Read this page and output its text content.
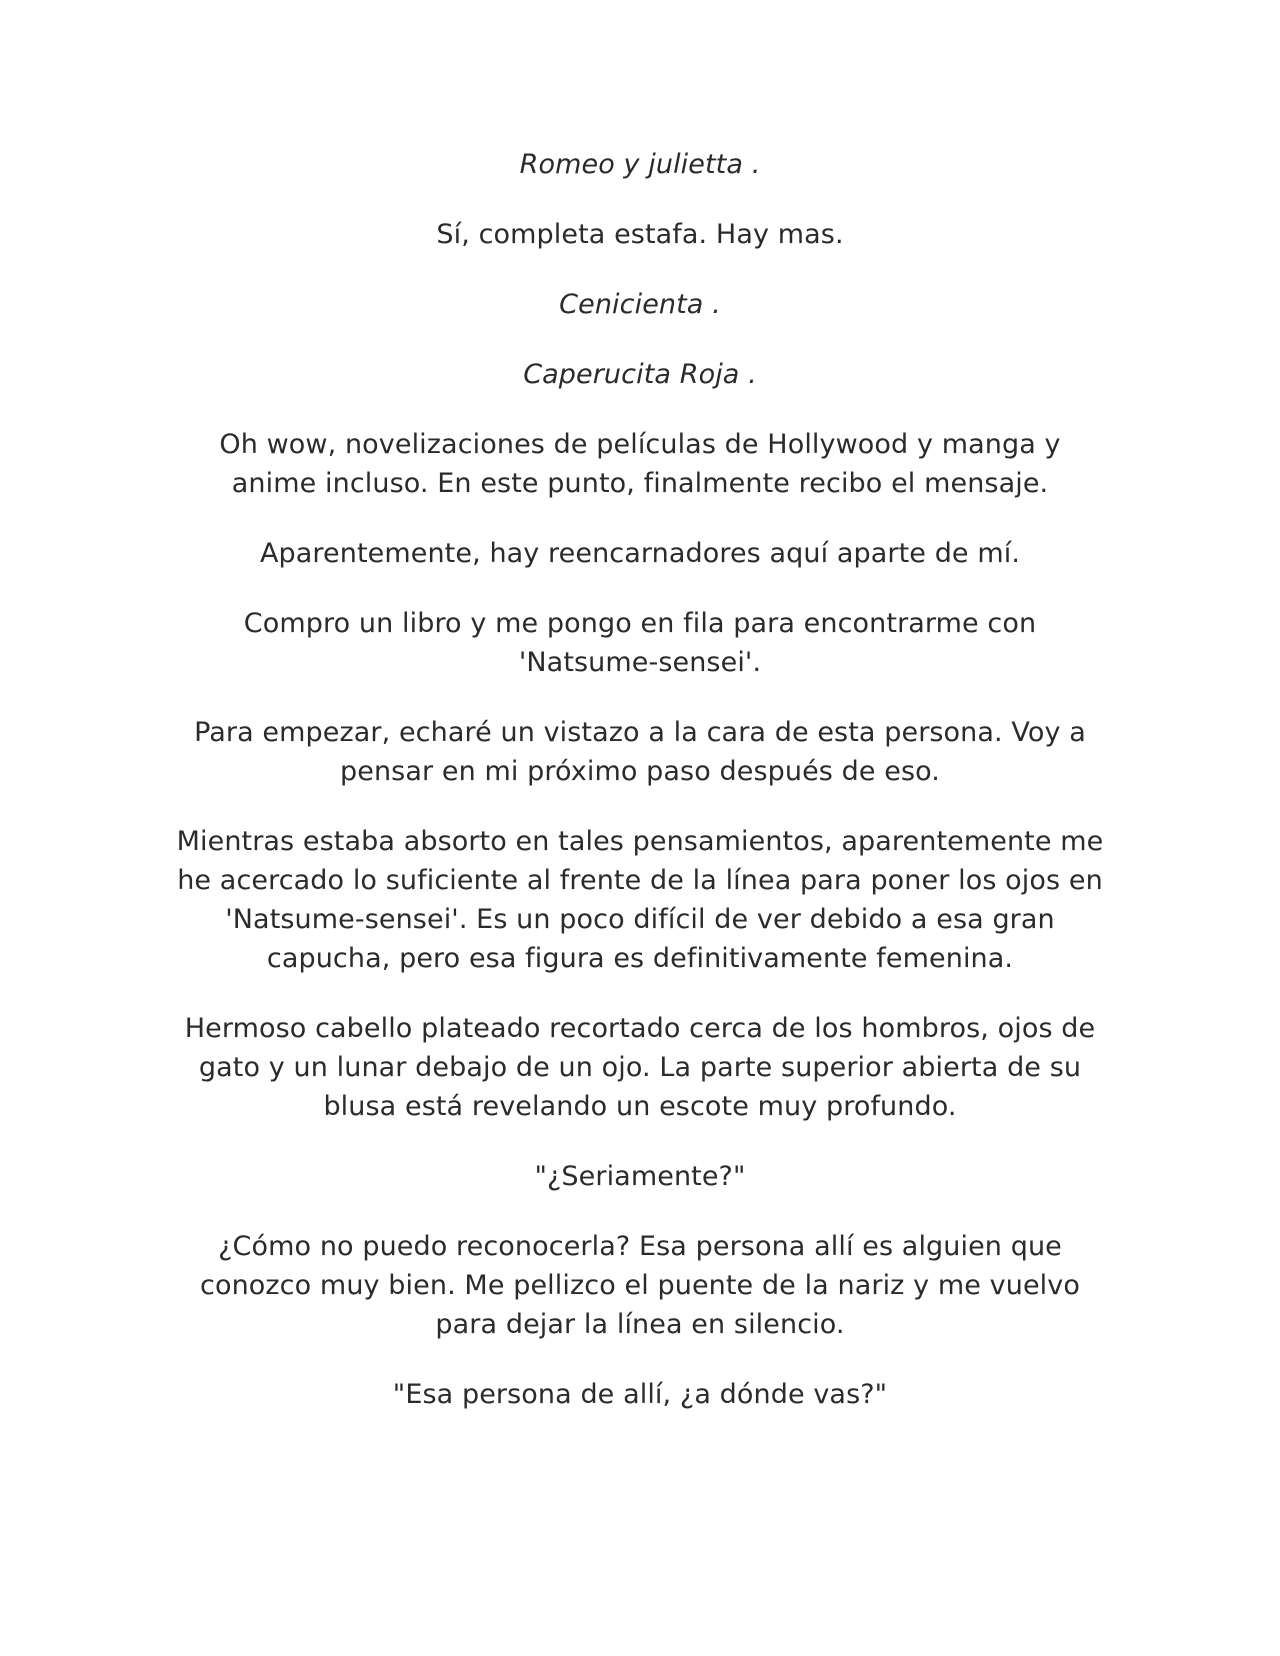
Romeo y julietta .

Sí, completa estafa. Hay mas.

Cenicienta .

Caperucita Roja .

Oh wow, novelizaciones de películas de Hollywood y manga y anime incluso. En este punto, finalmente recibo el mensaje.

Aparentemente, hay reencarnadores aquí aparte de mí.

Compro un libro y me pongo en fila para encontrarme con 'Natsume-sensei'.

Para empezar, echaré un vistazo a la cara de esta persona. Voy a pensar en mi próximo paso después de eso.

Mientras estaba absorto en tales pensamientos, aparentemente me he acercado lo suficiente al frente de la línea para poner los ojos en 'Natsume-sensei'. Es un poco difícil de ver debido a esa gran capucha, pero esa figura es definitivamente femenina.

Hermoso cabello plateado recortado cerca de los hombros, ojos de gato y un lunar debajo de un ojo. La parte superior abierta de su blusa está revelando un escote muy profundo.

"¿Seriamente?"

¿Cómo no puedo reconocerla? Esa persona allí es alguien que conozco muy bien. Me pellizco el puente de la nariz y me vuelvo para dejar la línea en silencio.

"Esa persona de allí, ¿a dónde vas?"
